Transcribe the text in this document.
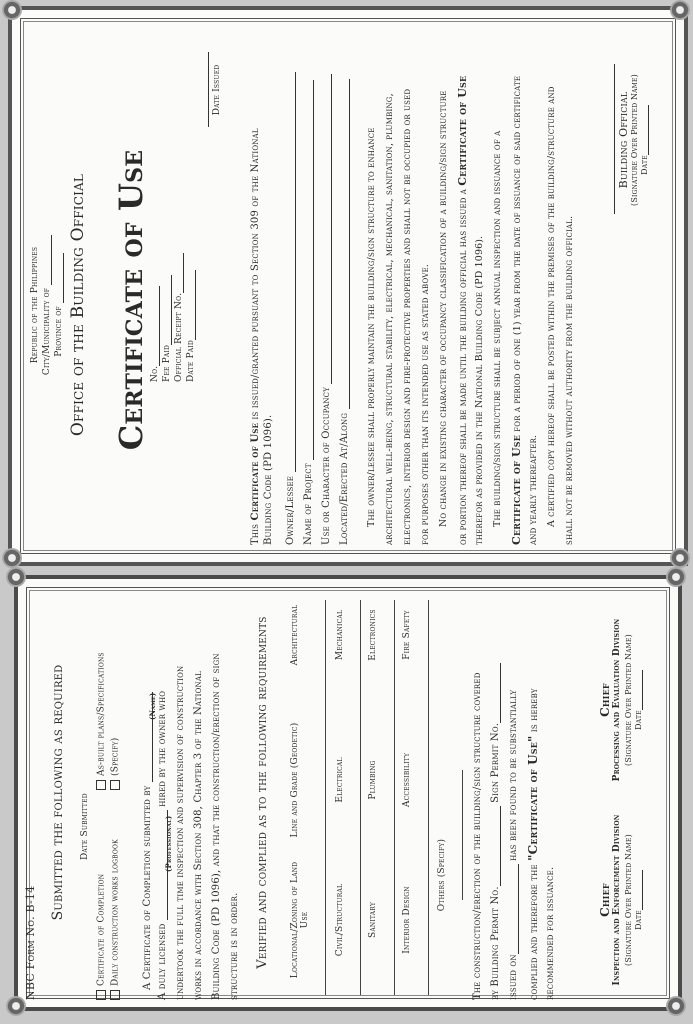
NBC Form No. B-14
Submitted the following as required Date Submitted
Certificate of Completion Daily construction works logbook
As-built plans/Specifications (Specify)
A Certificate of Completion submitted by
(Name)
A duly licensed  hired by the owner who
(Professional) undertook the full time inspection and supervision of construction works in accordance with Section 308, Chapter 3 of the National Building Code (PD 1096), and that the construction/erection of sign structure is in order. Verified and complied as to the following requirements Locational/Zoning of Land Use
Line and Grade (Geodetic)
Architectural
Civil/Structural
Electrical
Mechanical
Sanitary
Plumbing
Electronics
Interior Design
Accessibility
Fire Safety
Others (Specify)	The construction/erection of the building/sign structure covered by Building Permit No. Sign Permit No.
issued on has been found to be substantially
complied and therefore the "Certificate of Use" is hereby
recommended for issuance.	Chief Inspection and Enforcement Division (Signature Over Printed Name) Date
Chief Processing and Evaluation Division (Signature Over Printed Name) Date
Republic of the Philippines City/Municipality of Province of Office of the Building Official Certificate of Use No. Fee Paid Official Receipt No. Date Paid
Date Issued
This Certificate of Use is issued/granted pursuant to Section 309 of the National
Building Code (PD 1096). Owner/Lessee Name of Project Use or Character of Occupancy Located/Erected At/Along The owner/lessee shall properly maintain the building/sign structure to enhance architectural well-being, structural stability, electrical, mechanical, sanitation, plumbing, electronics, interior design and fire-protective properties and shall not be occupied or used for purposes other than its intended use as stated above. No change in existing character of occupancy classification of a building/sign structure or portion thereof shall be made until the building official has issued a Certificate of Use
therefor as provided in the National Building Code (PD 1096). The building/sign structure shall be subject annual inspection and issuance of a Certificate of Use for a period of one (1) year from the date of issuance of said certificate
and yearly thereafter. A certified copy hereof shall be posted within the premises of the building/structure and shall not be removed without authority from the building official.
Building Official (Signature Over Printed Name) Date
